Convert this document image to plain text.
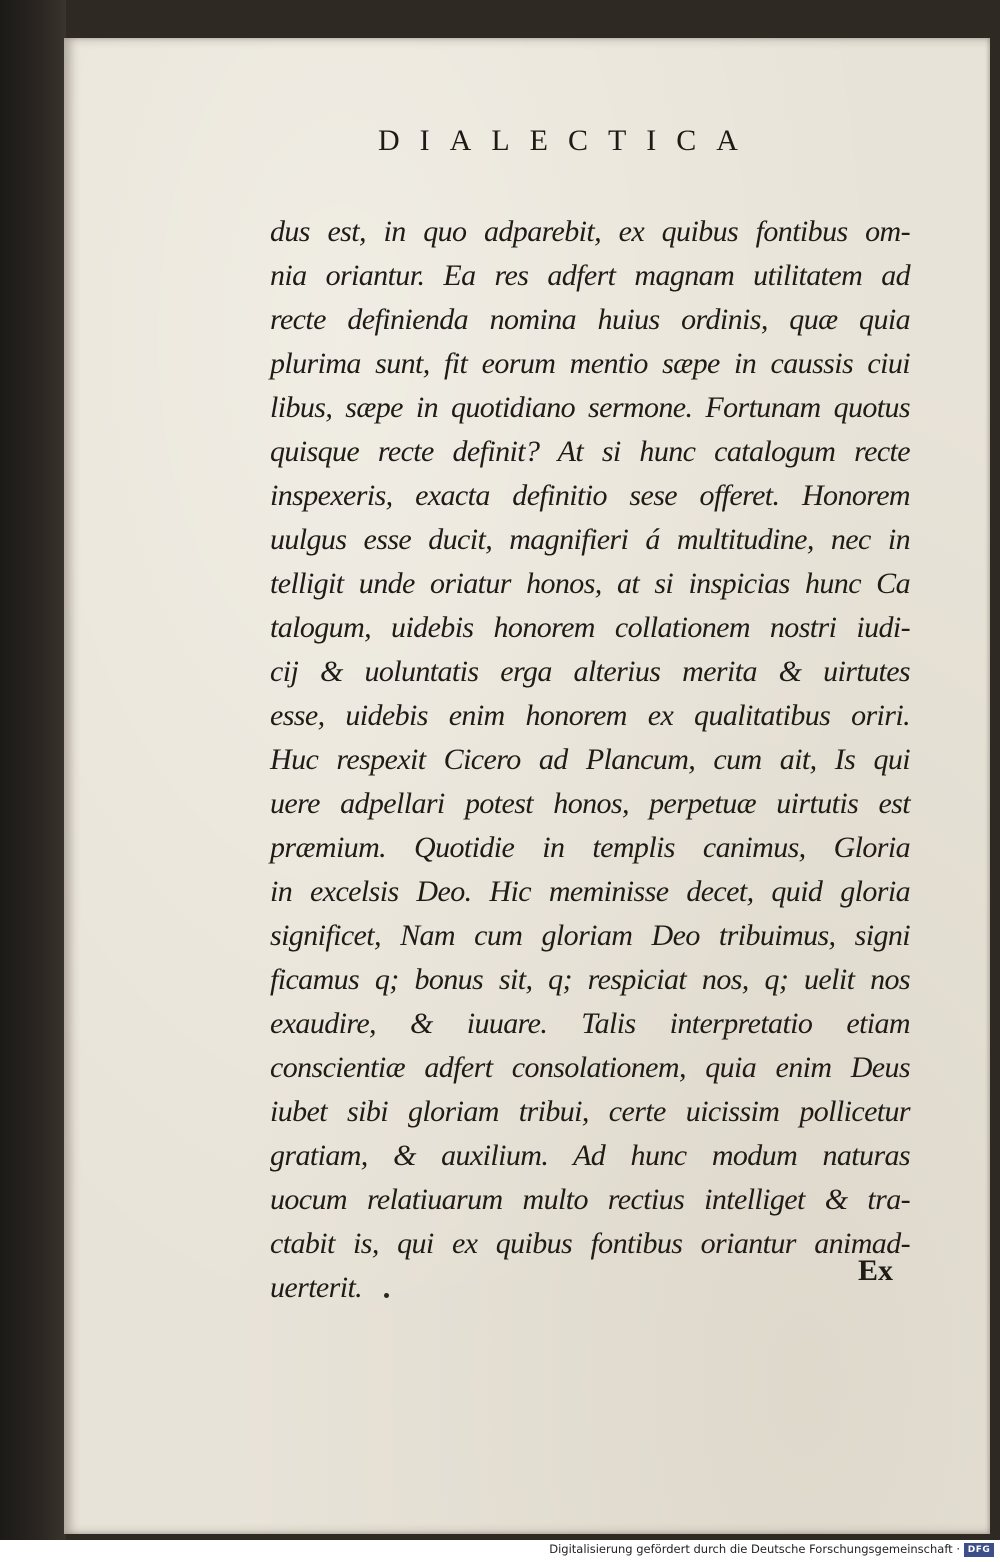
DIALECTICA
dus est, in quo adparebit, ex quibus fontibus om-
nia oriantur. Ea res adfert magnam utilitatem ad
recte definienda nomina huius ordinis, quæ quia
plurima sunt, fit eorum mentio sæpe in caussis ciui
libus, sæpe in quotidiano sermone. Fortunam quotus
quisque recte definit? At si hunc catalogum recte
inspexeris, exacta definitio sese offeret. Honorem
uulgus esse ducit, magnifieri á multitudine, nec in
telligit unde oriatur honos, at si inspicias hunc Ca
talogum, uidebis honorem collationem nostri iudi-
cij & uoluntatis erga alterius merita & uirtutes
esse, uidebis enim honorem ex qualitatibus oriri.
Huc respexit Cicero ad Plancum, cum ait, Is qui
uere adpellari potest honos, perpetuæ uirtutis est
præmium. Quotidie in templis canimus, Gloria
in excelsis Deo. Hic meminisse decet, quid gloria
significet, Nam cum gloriam Deo tribuimus, signi
ficamus q; bonus sit, q; respiciat nos, q; uelit nos
exaudire, & iuuare. Talis interpretatio etiam
conscientiæ adfert consolationem, quia enim Deus
iubet sibi gloriam tribui, certe uicissim pollicetur
gratiam, & auxilium. Ad hunc modum naturas
uocum relatiuarum multo rectius intelliget & tra-
ctabit is, qui ex quibus fontibus oriantur animad-
uerterit.
Ex
Digitalisierung gefördert durch die Deutsche Forschungsgemeinschaft · DFG
